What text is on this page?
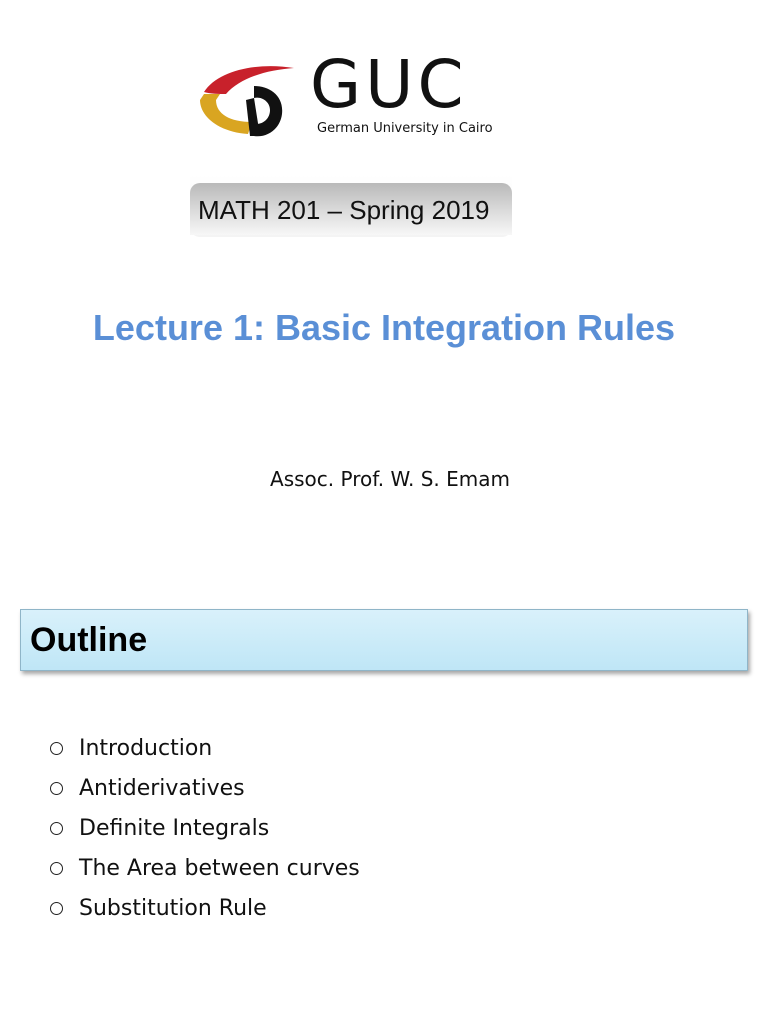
GUC
German University in Cairo
MATH 201 – Spring 2019
Lecture 1: Basic Integration Rules
Assoc. Prof. W. S. Emam
Outline
Introduction
Antiderivatives
Definite Integrals
The Area between curves
Substitution Rule
